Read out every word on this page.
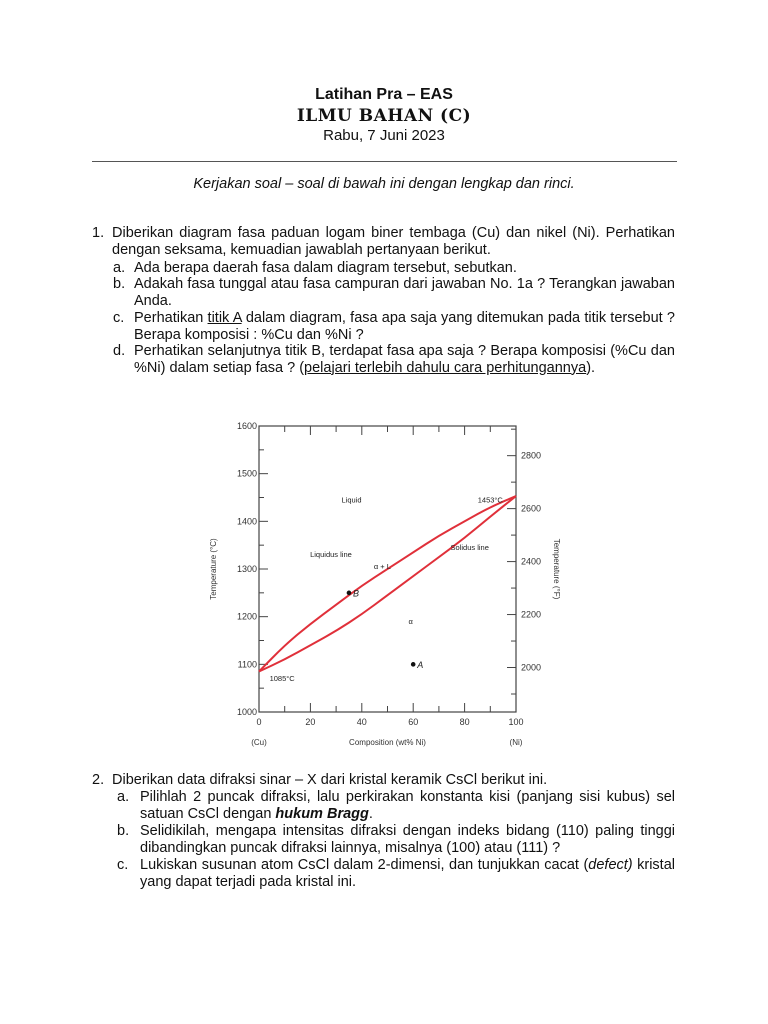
Latihan Pra – EAS
ILMU BAHAN (C)
Rabu, 7 Juni 2023
Kerjakan soal – soal di bawah ini dengan lengkap dan rinci.
1. Diberikan diagram fasa paduan logam biner tembaga (Cu) dan nikel (Ni). Perhatikan dengan seksama, kemuadian jawablah pertanyaan berikut.
a. Ada berapa daerah fasa dalam diagram tersebut, sebutkan.
b. Adakah fasa tunggal atau fasa campuran dari jawaban No. 1a ? Terangkan jawaban Anda.
c. Perhatikan titik A dalam diagram, fasa apa saja yang ditemukan pada titik tersebut ? Berapa komposisi : %Cu dan %Ni ?
d. Perhatikan selanjutnya titik B, terdapat fasa apa saja ? Berapa komposisi (%Cu dan %Ni) dalam setiap fasa ? (pelajari terlebih dahulu cara perhitungannya).
0	20	40	60	80	100
1000
1100
1200
1300
1400
1500
1600
2000
2200
2400
2600
2800
Composition (wt% Ni)
(Cu)	(Ni)
Temperature (°C)	Temperature (°F)
A
B
Liquid	1453°C
Liquidus line
Solidus line
α + L
α
1085°C
2. Diberikan data difraksi sinar – X dari kristal keramik CsCl berikut ini.
a. Pilihlah 2 puncak difraksi, lalu perkirakan konstanta kisi (panjang sisi kubus) sel satuan CsCl dengan hukum Bragg.
b. Selidikilah, mengapa intensitas difraksi dengan indeks bidang (110) paling tinggi dibandingkan puncak difraksi lainnya, misalnya (100) atau (111) ?
c. Lukiskan susunan atom CsCl dalam 2-dimensi, dan tunjukkan cacat (defect) kristal yang dapat terjadi pada kristal ini.
